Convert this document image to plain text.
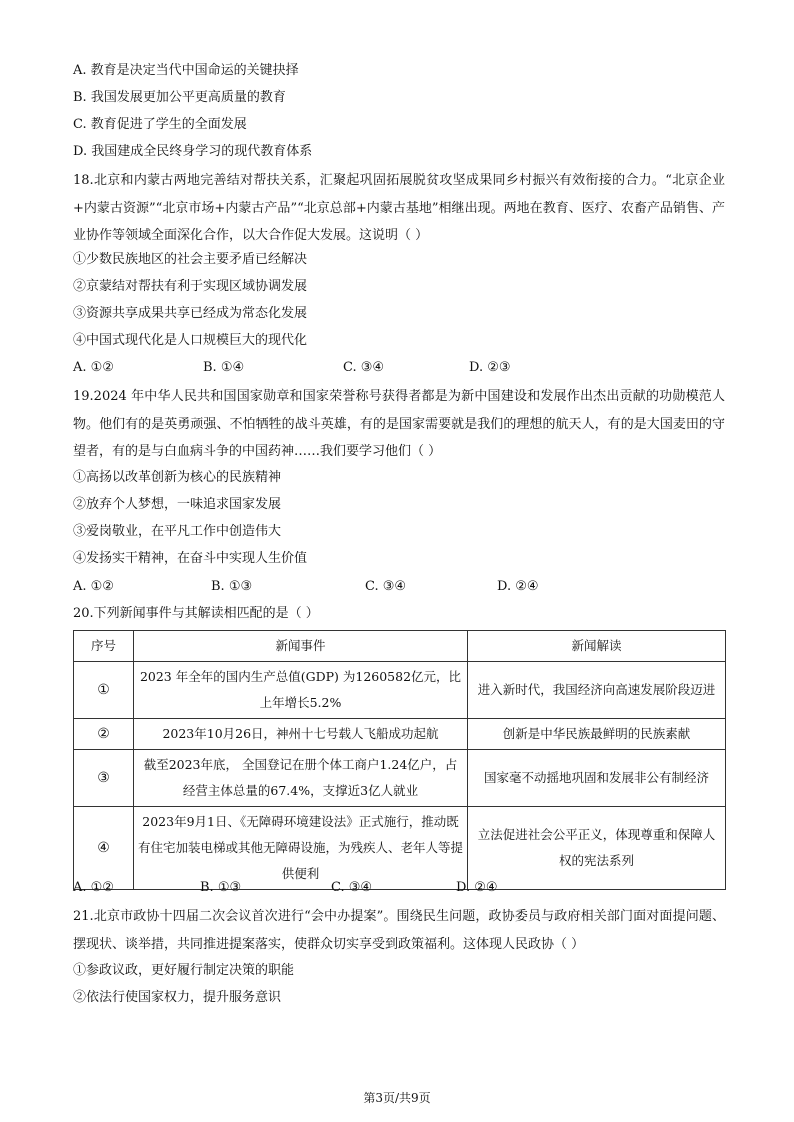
A. 教育是决定当代中国命运的关键抉择
B. 我国发展更加公平更高质量的教育
C. 教育促进了学生的全面发展
D. 我国建成全民终身学习的现代教育体系
18.北京和内蒙古两地完善结对帮扶关系，汇聚起巩固拓展脱贫攻坚成果同乡村振兴有效衔接的合力。“北京企业+内蒙古资源”“北京市场+内蒙古产品”“北京总部+内蒙古基地”相继出现。两地在教育、医疗、农畜产品销售、产业协作等领域全面深化合作，以大合作促大发展。这说明（ ）
①少数民族地区的社会主要矛盾已经解决
②京蒙结对帮扶有利于实现区域协调发展
③资源共享成果共享已经成为常态化发展
④中国式现代化是人口规模巨大的现代化
A. ①②	B. ①④	C. ③④	D. ②③
19.2024 年中华人民共和国国家勋章和国家荣誉称号获得者都是为新中国建设和发展作出杰出贡献的功勋模范人物。他们有的是英勇顽强、不怕牺牲的战斗英雄，有的是国家需要就是我们的理想的航天人，有的是大国麦田的守望者，有的是与白血病斗争的中国药神……我们要学习他们（ ）
①高扬以改革创新为核心的民族精神
②放弃个人梦想，一味追求国家发展
③爱岗敬业，在平凡工作中创造伟大
④发扬实干精神，在奋斗中实现人生价值
A. ①②	B. ①③	C. ③④	D. ②④
20.下列新闻事件与其解读相匹配的是（ ）
序号	新闻事件	新闻解读
①	2023 年全年的国内生产总值(GDP) 为1260582亿元，比上年增长5.2%	进入新时代，我国经济向高速发展阶段迈进
②	2023年10月26日，神州十七号载人飞船成功起航	创新是中华民族最鲜明的民族素献
③	截至2023年底， 全国登记在册个体工商户1.24亿户，占经营主体总量的67.4%，支撑近3亿人就业	国家毫不动摇地巩固和发展非公有制经济
④	2023年9月1日、《无障碍环境建设法》正式施行，推动既有住宅加装电梯或其他无障碍设施，为残疾人、老年人等提供便利	立法促进社会公平正义，体现尊重和保障人权的宪法系列
A. ①②	B. ①③	C. ③④	D. ②④
21.北京市政协十四届二次会议首次进行“会中办提案”。围绕民生问题，政协委员与政府相关部门面对面提问题、摆现状、谈举措，共同推进提案落实，使群众切实享受到政策福利。这体现人民政协（ ）
①参政议政，更好履行制定决策的职能
②依法行使国家权力，提升服务意识
第3页/共9页
